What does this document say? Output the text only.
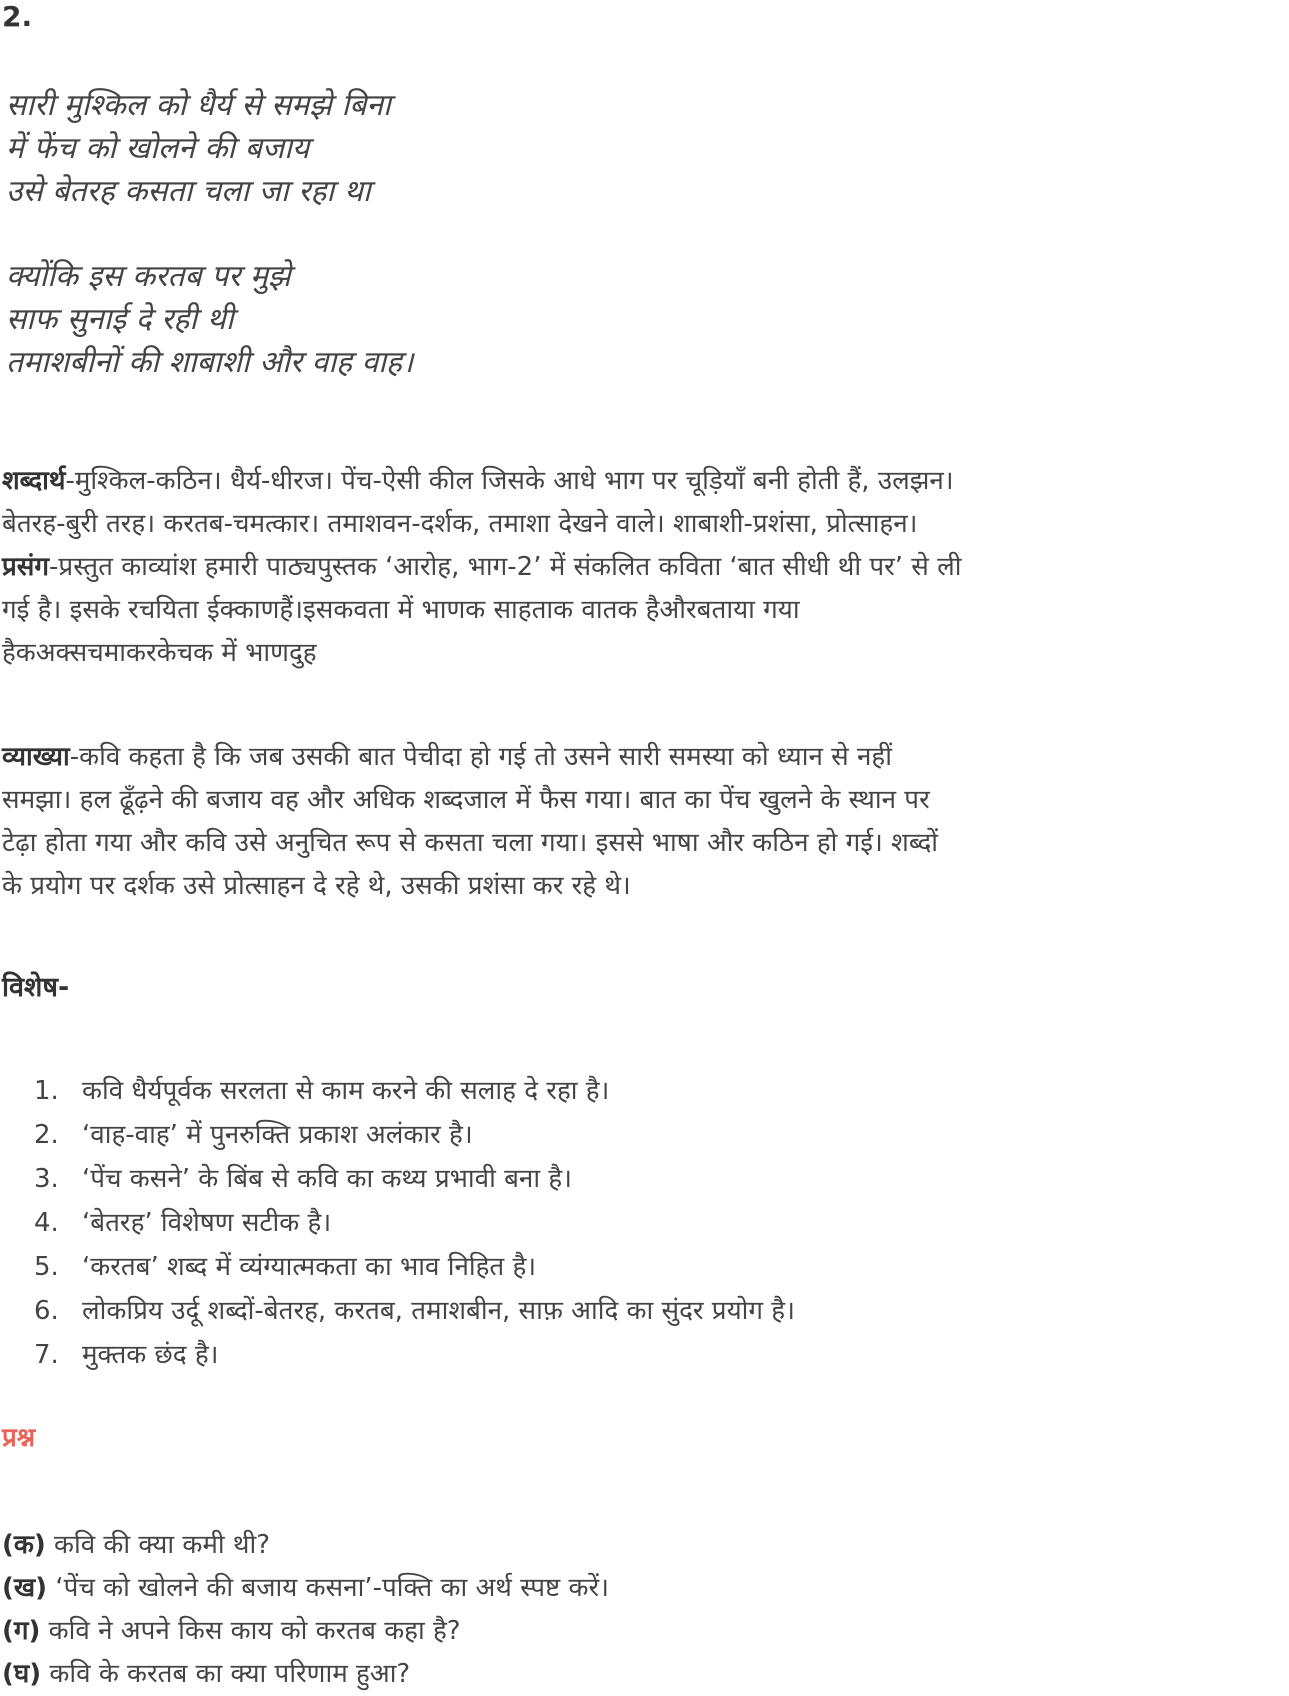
2.
सारी मुश्किल को धैर्य से समझे बिना
में फेंच को खोलने की बजाय
उसे बेतरह कसता चला जा रहा था
क्योंकि इस करतब पर मुझे
साफ सुनाई दे रही थी
तमाशबीनों की शाबाशी और वाह वाह।
शब्दार्थ-मुश्किल-कठिन। धैर्य-धीरज। पेंच-ऐसी कील जिसके आधे भाग पर चूड़ियाँ बनी होती हैं, उलझन।
बेतरह-बुरी तरह। करतब-चमत्कार। तमाशवन-दर्शक, तमाशा देखने वाले। शाबाशी-प्रशंसा, प्रोत्साहन।
प्रसंग-प्रस्तुत काव्यांश हमारी पाठ्यपुस्तक ‘आरोह, भाग-2’ में संकलित कविता ‘बात सीधी थी पर’ से ली
गई है। इसके रचयिता ईक्काणहैं।इसकवता में भाणक साहताक वातक हैऔरबताया गया
हैकअक्सचमाकरकेचक में भाणदुह
व्याख्या-कवि कहता है कि जब उसकी बात पेचीदा हो गई तो उसने सारी समस्या को ध्यान से नहीं
समझा। हल ढूँढ़ने की बजाय वह और अधिक शब्दजाल में फैस गया। बात का पेंच खुलने के स्थान पर
टेढ़ा होता गया और कवि उसे अनुचित रूप से कसता चला गया। इससे भाषा और कठिन हो गई। शब्दों
के प्रयोग पर दर्शक उसे प्रोत्साहन दे रहे थे, उसकी प्रशंसा कर रहे थे।
विशेष-
1. कवि धैर्यपूर्वक सरलता से काम करने की सलाह दे रहा है।
2. ‘वाह-वाह’ में पुनरुक्ति प्रकाश अलंकार है।
3. ‘पेंच कसने’ के बिंब से कवि का कथ्य प्रभावी बना है।
4. ‘बेतरह’ विशेषण सटीक है।
5. ‘करतब’ शब्द में व्यंग्यात्मकता का भाव निहित है।
6. लोकप्रिय उर्दू शब्दों-बेतरह, करतब, तमाशबीन, साफ़ आदि का सुंदर प्रयोग है।
7. मुक्तक छंद है।
प्रश्न
(क) कवि की क्या कमी थी?
(ख) ‘पेंच को खोलने की बजाय कसना’-पक्ति का अर्थ स्पष्ट करें।
(ग) कवि ने अपने किस काय को करतब कहा है?
(घ) कवि के करतब का क्या परिणाम हुआ?
